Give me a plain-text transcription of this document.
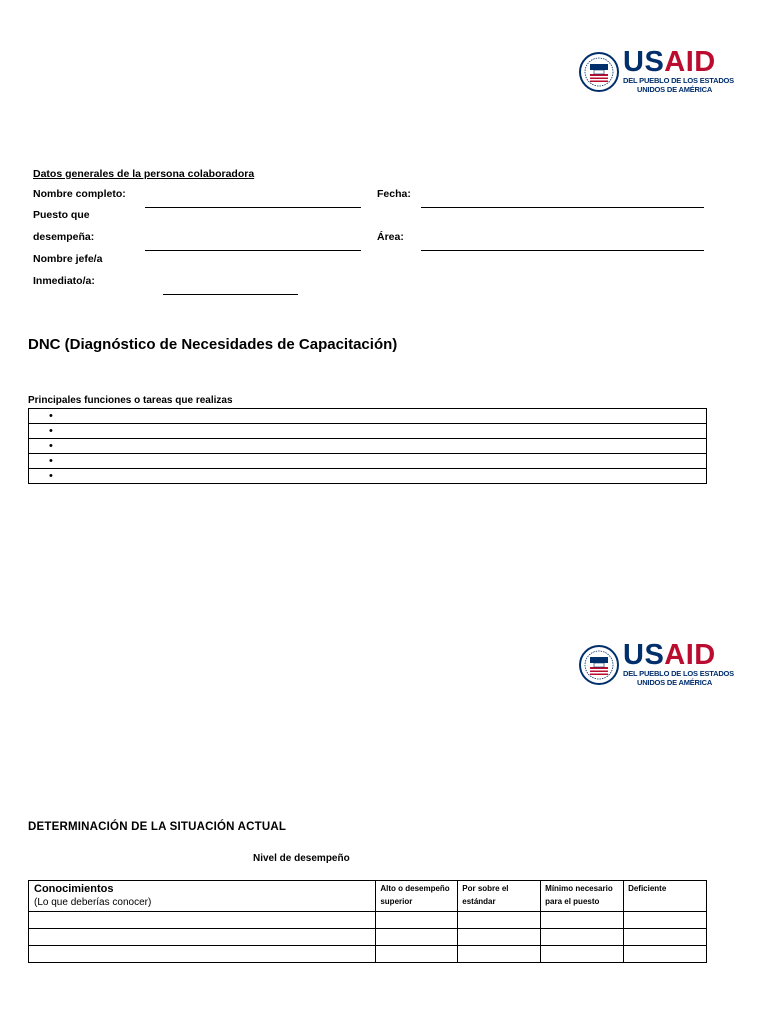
USAID
DEL PUEBLO DE LOS ESTADOS
UNIDOS DE AMÉRICA
Datos generales de la persona colaboradora
Nombre completo:	Fecha:
Puesto que
desempeña:	Área:
Nombre jefe/a
Inmediato/a:
DNC (Diagnóstico de Necesidades de Capacitación)
Principales funciones o tareas que realizas
•
•
•
•
•
USAID
DEL PUEBLO DE LOS ESTADOS
UNIDOS DE AMÉRICA
DETERMINACIÓN DE LA SITUACIÓN ACTUAL
Nivel de desempeño
Conocimientos
(Lo que deberías conocer)	Alto o desempeño superior	Por sobre el estándar	Mínimo necesario para el puesto	Deficiente
